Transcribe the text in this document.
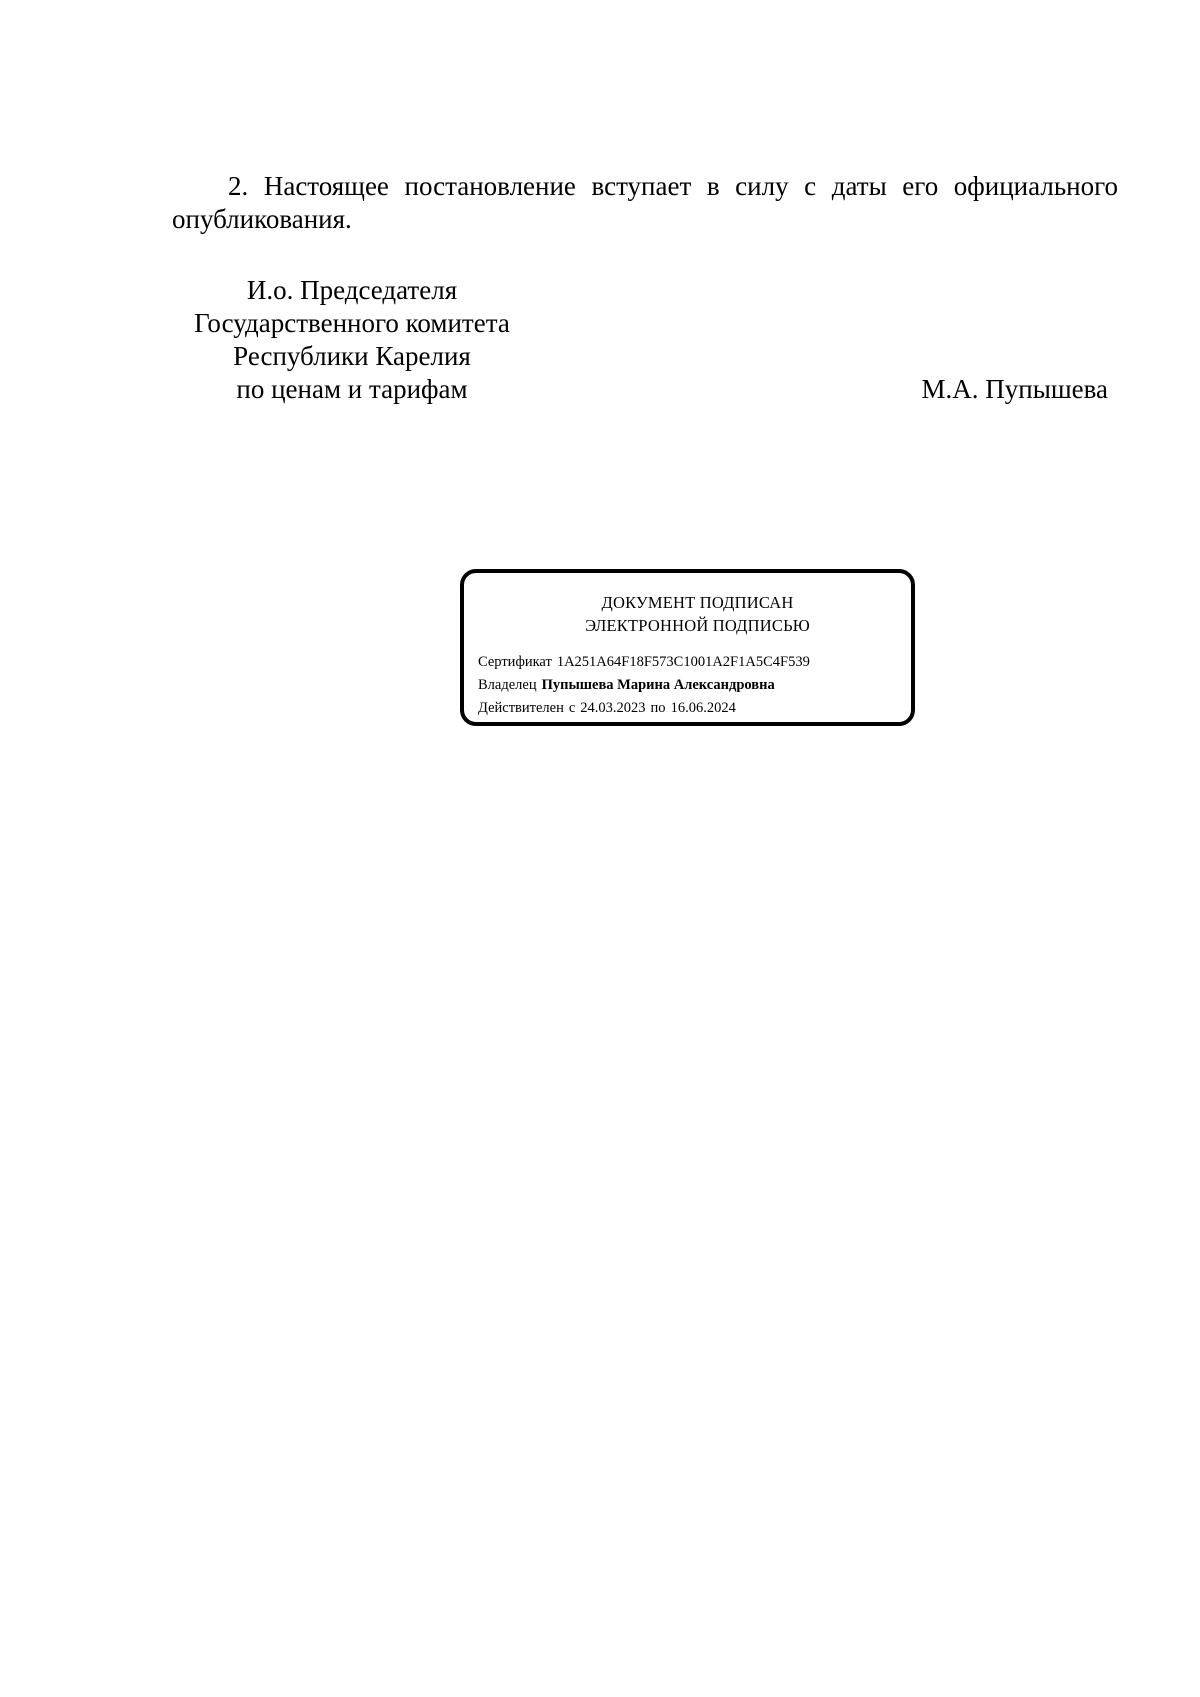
2. Настоящее постановление вступает в силу с даты его официального опубликования.

И.о. Председателя
Государственного комитета
Республики Карелия
по ценам и тарифам	М.А. Пупышева
ДОКУМЕНТ ПОДПИСАН
ЭЛЕКТРОННОЙ ПОДПИСЬЮ
Сертификат 1A251A64F18F573C1001A2F1A5C4F539
Владелец Пупышева Марина Александровна
Действителен с 24.03.2023 по 16.06.2024
